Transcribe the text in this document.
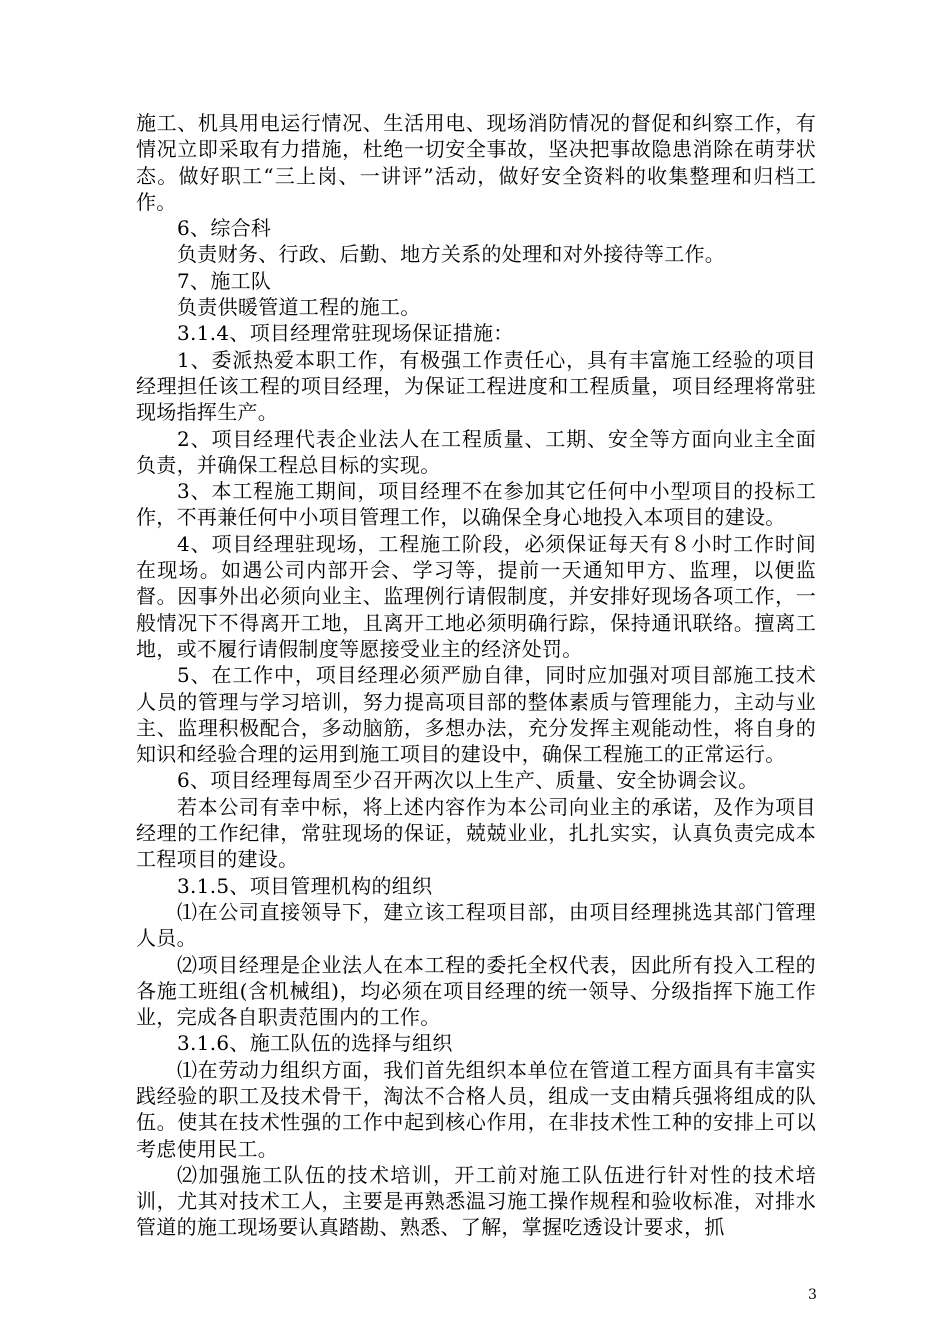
施工、机具用电运行情况、生活用电、现场消防情况的督促和纠察工作，有情况立即采取有力措施，杜绝一切安全事故，坚决把事故隐患消除在萌芽状态。做好职工“三上岗、一讲评”活动，做好安全资料的收集整理和归档工作。

6、综合科

负责财务、行政、后勤、地方关系的处理和对外接待等工作。

7、施工队

负责供暖管道工程的施工。

3.1.4、项目经理常驻现场保证措施：

1、委派热爱本职工作，有极强工作责任心，具有丰富施工经验的项目经理担任该工程的项目经理，为保证工程进度和工程质量，项目经理将常驻现场指挥生产。

2、项目经理代表企业法人在工程质量、工期、安全等方面向业主全面负责，并确保工程总目标的实现。

3、本工程施工期间，项目经理不在参加其它任何中小型项目的投标工作，不再兼任何中小项目管理工作，以确保全身心地投入本项目的建设。

4、项目经理驻现场，工程施工阶段，必须保证每天有８小时工作时间在现场。如遇公司内部开会、学习等，提前一天通知甲方、监理，以便监督。因事外出必须向业主、监理例行请假制度，并安排好现场各项工作，一般情况下不得离开工地，且离开工地必须明确行踪，保持通讯联络。擅离工地，或不履行请假制度等愿接受业主的经济处罚。

5、在工作中，项目经理必须严励自律，同时应加强对项目部施工技术人员的管理与学习培训，努力提高项目部的整体素质与管理能力，主动与业主、监理积极配合，多动脑筋，多想办法，充分发挥主观能动性，将自身的知识和经验合理的运用到施工项目的建设中，确保工程施工的正常运行。

6、项目经理每周至少召开两次以上生产、质量、安全协调会议。

若本公司有幸中标，将上述内容作为本公司向业主的承诺，及作为项目经理的工作纪律，常驻现场的保证，兢兢业业，扎扎实实，认真负责完成本工程项目的建设。

3.1.5、项目管理机构的组织

⑴在公司直接领导下，建立该工程项目部，由项目经理挑选其部门管理人员。

⑵项目经理是企业法人在本工程的委托全权代表，因此所有投入工程的各施工班组(含机械组)，均必须在项目经理的统一领导、分级指挥下施工作业，完成各自职责范围内的工作。

3.1.6、施工队伍的选择与组织

⑴在劳动力组织方面，我们首先组织本单位在管道工程方面具有丰富实践经验的职工及技术骨干，淘汰不合格人员，组成一支由精兵强将组成的队伍。使其在技术性强的工作中起到核心作用，在非技术性工种的安排上可以考虑使用民工。

⑵加强施工队伍的技术培训，开工前对施工队伍进行针对性的技术培训，尤其对技术工人，主要是再熟悉温习施工操作规程和验收标准，对排水管道的施工现场要认真踏勘、熟悉、了解，掌握吃透设计要求，抓

3
